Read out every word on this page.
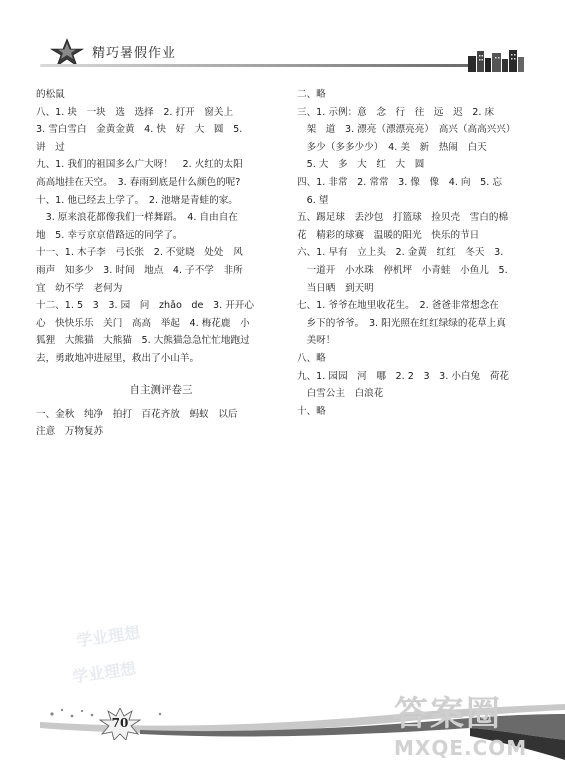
精巧暑假作业
的松鼠
八、1. 块　一块　选　选择　2. 打开　窗关上
3. 雪白雪白　金黄金黄　4. 快　好　大　圆　5.
讲　过
九、1. 我们的祖国多么广大呀！　2. 火红的太阳
高高地挂在天空。　3. 春雨到底是什么颜色的呢?
十、1. 他已经去上学了。　2. 池塘是青蛙的家。
　3. 原来浪花都像我们一样舞蹈。　4. 自由自在
地　5. 幸亏京京借路远的同学了。
十一、1. 木子李　弓长张　2. 不觉晓　处处　风
雨声　知多少　3. 时间　地点　4. 子不学　非所
宜　幼不学　老何为
十二、1. 5　3　3. 园　问　zhǎo　de　3. 开开心
心　快快乐乐　关门　高高　举起　4. 梅花鹿　小
狐狸　大熊猫　大熊猫　5. 大熊猫急急忙忙地跑过
去，勇敢地冲进屋里，救出了小山羊。
自主测评卷三
一、金秋　纯净　拍打　百花齐放　蚂蚁　以后
注意　万物复苏
二、略
三、1. 示例：意　念　行　往　远　迟　2. 床
　架　道　3. 漂亮（漂漂亮亮）　高兴（高高兴兴）
　多少（多多少少）　4. 美　新　热闹　白天
　5. 大　多　大　红　大　圆
四、1. 非常　2. 常常　3. 像　像　4. 向　5. 忘
　6. 望
五、踢足球　丢沙包　打篮球　捡贝壳　雪白的棉
花　精彩的球赛　温暖的阳光　快乐的节日
六、1. 早有　立上头　2. 金黄　红红　冬天　3.
　一道开　小水珠　停机坪　小青蛙　小鱼儿　5.
　当日晒　到天明
七、1. 爷爷在地里收花生。　2. 爸爸非常想念在
　乡下的爷爷。　3. 阳光照在红红绿绿的花草上真
　美呀！
八、略
九、1. 园园　河　哪　2. 2　3　3. 小白兔　荷花
　白雪公主　白浪花
十、略
学业理想
学业理想
70	答案圈
MXQE.COM
